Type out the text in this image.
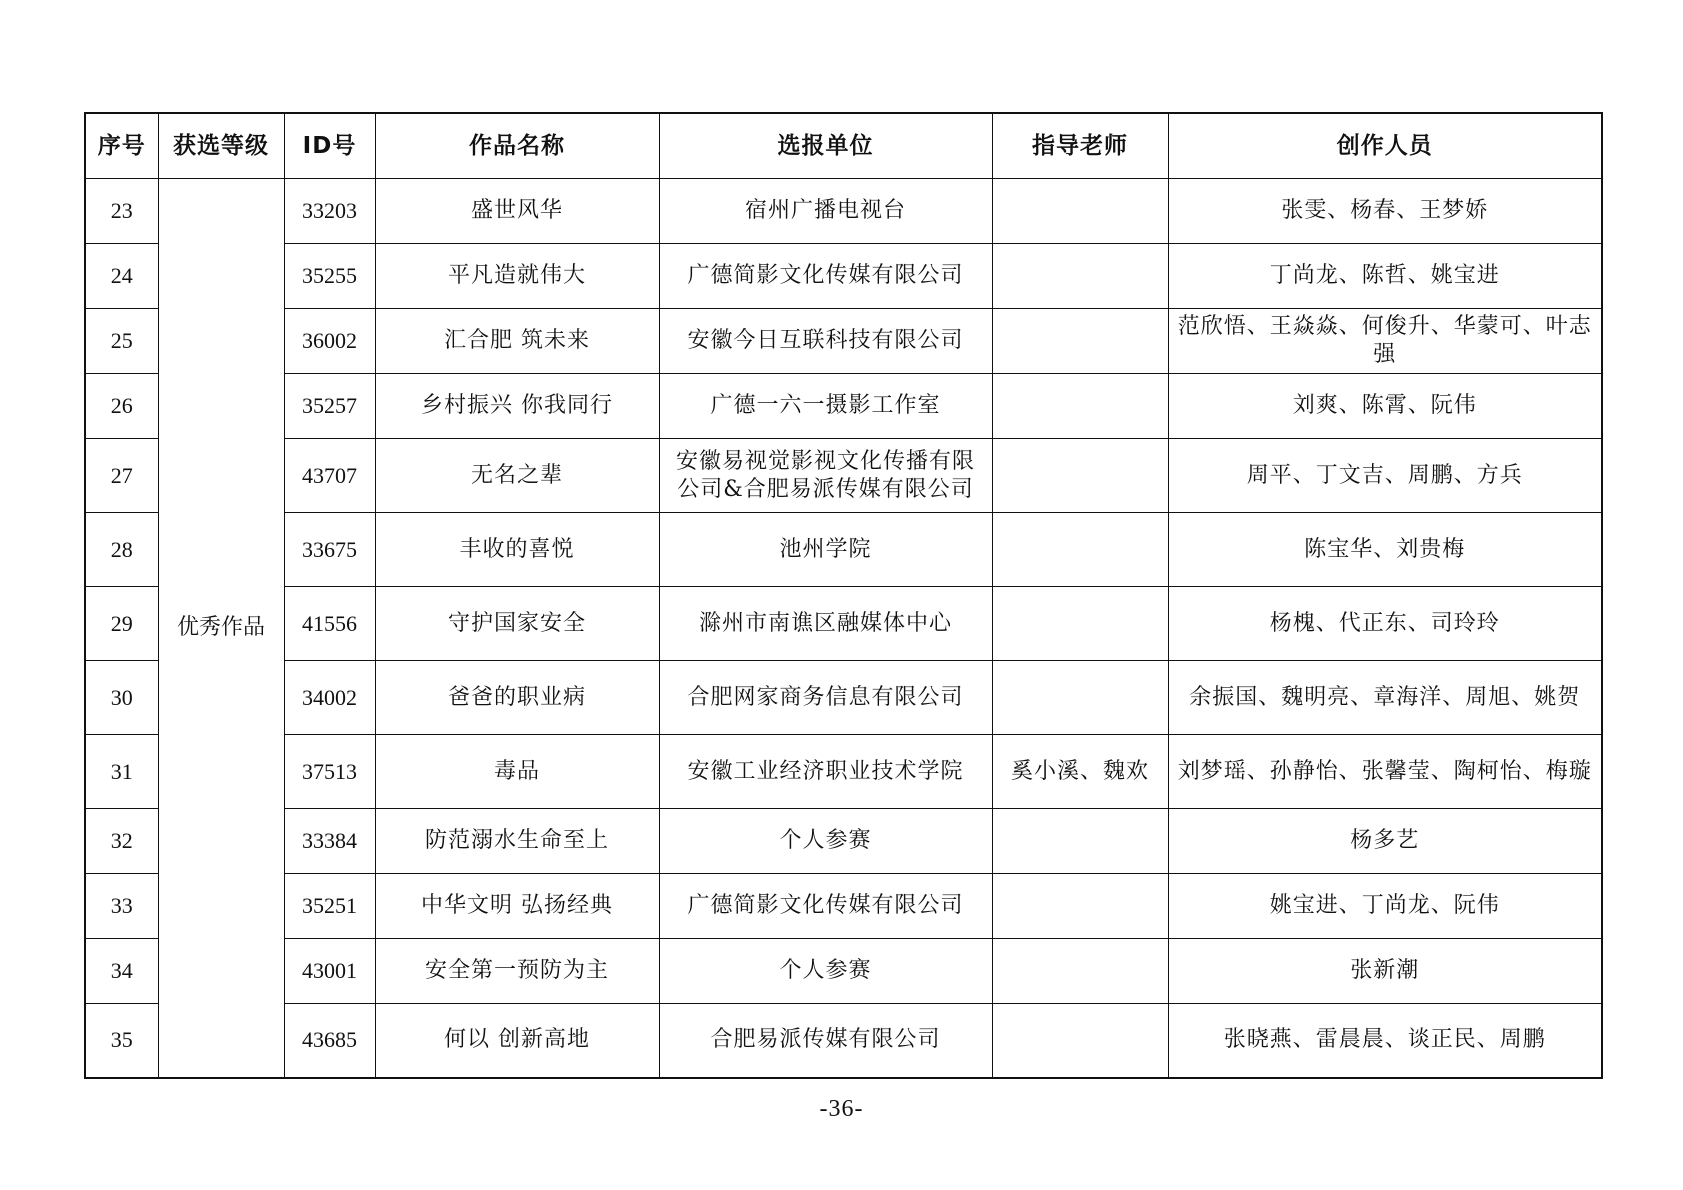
序号	获选等级	ID号	作品名称	选报单位	指导老师	创作人员
23	优秀作品	33203	盛世风华	宿州广播电视台		张雯、杨春、王梦娇
24		35255	平凡造就伟大	广德简影文化传媒有限公司		丁尚龙、陈哲、姚宝进
25		36002	汇合肥 筑未来	安徽今日互联科技有限公司		范欣悟、王焱焱、何俊升、华蒙可、叶志强
26		35257	乡村振兴 你我同行	广德一六一摄影工作室		刘爽、陈霄、阮伟
27		43707	无名之辈	安徽易视觉影视文化传播有限公司&合肥易派传媒有限公司		周平、丁文吉、周鹏、方兵
28		33675	丰收的喜悦	池州学院		陈宝华、刘贵梅
29		41556	守护国家安全	滁州市南谯区融媒体中心		杨槐、代正东、司玲玲
30		34002	爸爸的职业病	合肥网家商务信息有限公司		余振国、魏明亮、章海洋、周旭、姚贺
31		37513	毒品	安徽工业经济职业技术学院	奚小溪、魏欢	刘梦瑶、孙静怡、张馨莹、陶柯怡、梅璇
32		33384	防范溺水生命至上	个人参赛		杨多艺
33		35251	中华文明 弘扬经典	广德简影文化传媒有限公司		姚宝进、丁尚龙、阮伟
34		43001	安全第一预防为主	个人参赛		张新潮
35		43685	何以 创新高地	合肥易派传媒有限公司		张晓燕、雷晨晨、谈正民、周鹏
-36-
